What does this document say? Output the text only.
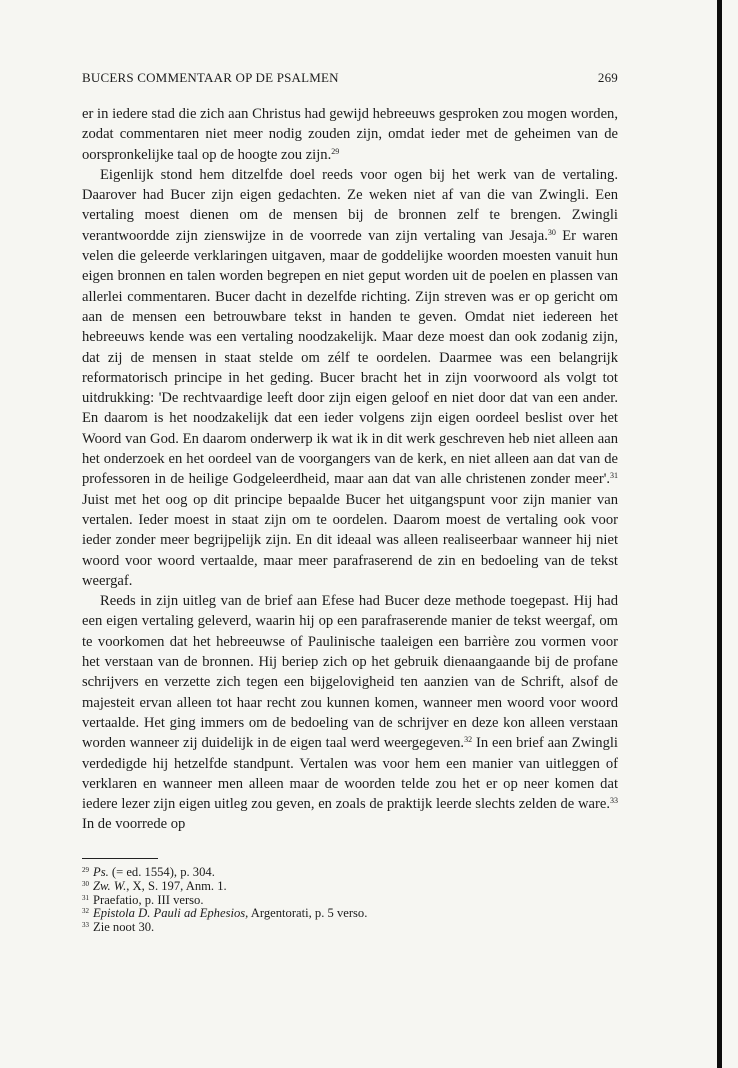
BUCERS COMMENTAAR OP DE PSALMEN	269

er in iedere stad die zich aan Christus had gewijd hebreeuws gesproken zou mogen worden, zodat commentaren niet meer nodig zouden zijn, omdat ieder met de geheimen van de oorspronkelijke taal op de hoogte zou zijn.$^{29}$

Eigenlijk stond hem ditzelfde doel reeds voor ogen bij het werk van de vertaling. Daarover had Bucer zijn eigen gedachten. Ze weken niet af van die van Zwingli. Een vertaling moest dienen om de mensen bij de bronnen zelf te brengen. Zwingli verantwoordde zijn zienswijze in de voorrede van zijn vertaling van Jesaja.$^{30}$ Er waren velen die geleerde verklaringen uitgaven, maar de goddelijke woorden moesten vanuit hun eigen bronnen en talen worden begrepen en niet geput worden uit de poelen en plassen van allerlei commentaren. Bucer dacht in dezelfde richting. Zijn streven was er op gericht om aan de mensen een betrouwbare tekst in handen te geven. Omdat niet iedereen het hebreeuws kende was een vertaling noodzakelijk. Maar deze moest dan ook zodanig zijn, dat zij de mensen in staat stelde om zélf te oordelen. Daarmee was een belangrijk reformatorisch principe in het geding. Bucer bracht het in zijn voorwoord als volgt tot uitdrukking: 'De rechtvaardige leeft door zijn eigen geloof en niet door dat van een ander. En daarom is het noodzakelijk dat een ieder volgens zijn eigen oordeel beslist over het Woord van God. En daarom onderwerp ik wat ik in dit werk geschreven heb niet alleen aan het onderzoek en het oordeel van de voorgangers van de kerk, en niet alleen aan dat van de professoren in de heilige Godgeleerdheid, maar aan dat van alle christenen zonder meer'.$^{31}$ Juist met het oog op dit principe bepaalde Bucer het uitgangspunt voor zijn manier van vertalen. Ieder moest in staat zijn om te oordelen. Daarom moest de vertaling ook voor ieder zonder meer begrijpelijk zijn. En dit ideaal was alleen realiseerbaar wanneer hij niet woord voor woord vertaalde, maar meer parafraserend de zin en bedoeling van de tekst weergaf.

Reeds in zijn uitleg van de brief aan Efese had Bucer deze methode toegepast. Hij had een eigen vertaling geleverd, waarin hij op een parafraserende manier de tekst weergaf, om te voorkomen dat het hebreeuwse of Paulinische taaleigen een barrière zou vormen voor het verstaan van de bronnen. Hij beriep zich op het gebruik dienaangaande bij de profane schrijvers en verzette zich tegen een bijgelovigheid ten aanzien van de Schrift, alsof de majesteit ervan alleen tot haar recht zou kunnen komen, wanneer men woord voor woord vertaalde. Het ging immers om de bedoeling van de schrijver en deze kon alleen verstaan worden wanneer zij duidelijk in de eigen taal werd weergegeven.$^{32}$ In een brief aan Zwingli verdedigde hij hetzelfde standpunt. Vertalen was voor hem een manier van uitleggen of verklaren en wanneer men alleen maar de woorden telde zou het er op neer komen dat iedere lezer zijn eigen uitleg zou geven, en zoals de praktijk leerde slechts zelden de ware.$^{33}$ In de voorrede op

$^{29}$ Ps. (= ed. 1554), p. 304.
$^{30}$ Zw. W., X, S. 197, Anm. 1.
$^{31}$ Praefatio, p. III verso.
$^{32}$ Epistola D. Pauli ad Ephesios, Argentorati, p. 5 verso.
$^{33}$ Zie noot 30.
